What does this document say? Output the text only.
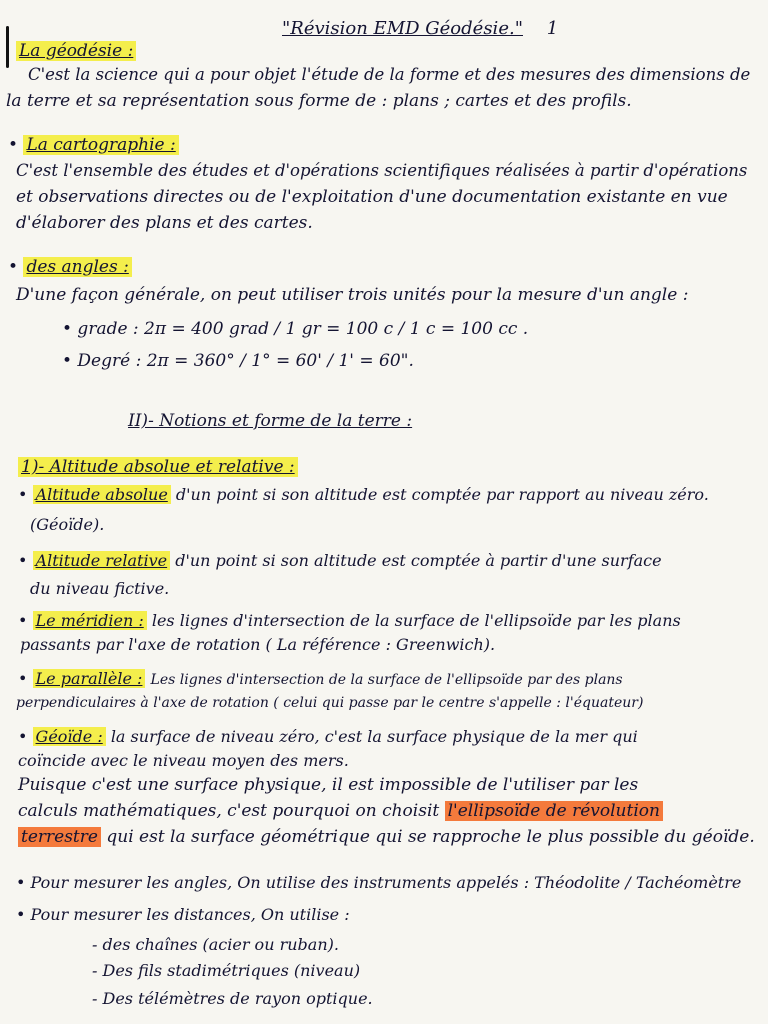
"Révision EMD Géodésie." 1
La géodésie :
C'est la science qui a pour objet l'étude de la forme et des mesures des dimensions de
la terre et sa représentation sous forme de : plans ; cartes et des profils.
• La cartographie :
C'est l'ensemble des études et d'opérations scientifiques réalisées à partir d'opérations
et observations directes ou de l'exploitation d'une documentation existante en vue
d'élaborer des plans et des cartes.
• des angles :
D'une façon générale, on peut utiliser trois unités pour la mesure d'un angle :
• grade : 2π = 400 grad / 1 gr = 100 c / 1 c = 100 cc .
• Degré : 2π = 360° / 1° = 60' / 1' = 60".
II)- Notions et forme de la terre :
1)- Altitude absolue et relative :
• Altitude absolue d'un point si son altitude est comptée par rapport au niveau zéro.
(Géoïde).
• Altitude relative d'un point si son altitude est comptée à partir d'une surface
du niveau fictive.
• Le méridien : les lignes d'intersection de la surface de l'ellipsoïde par les plans
passants par l'axe de rotation ( La référence : Greenwich).
• Le parallèle : Les lignes d'intersection de la surface de l'ellipsoïde par des plans
perpendiculaires à l'axe de rotation ( celui qui passe par le centre s'appelle : l'équateur)
• Géoïde : la surface de niveau zéro, c'est la surface physique de la mer qui
coïncide avec le niveau moyen des mers.
Puisque c'est une surface physique, il est impossible de l'utiliser par les
calculs mathématiques, c'est pourquoi on choisit l'ellipsoïde de révolution
terrestre qui est la surface géométrique qui se rapproche le plus possible du géoïde.
• Pour mesurer les angles, On utilise des instruments appelés : Théodolite / Tachéomètre
• Pour mesurer les distances, On utilise :
- des chaînes (acier ou ruban).
- Des fils stadimétriques (niveau)
- Des télémètres de rayon optique.
